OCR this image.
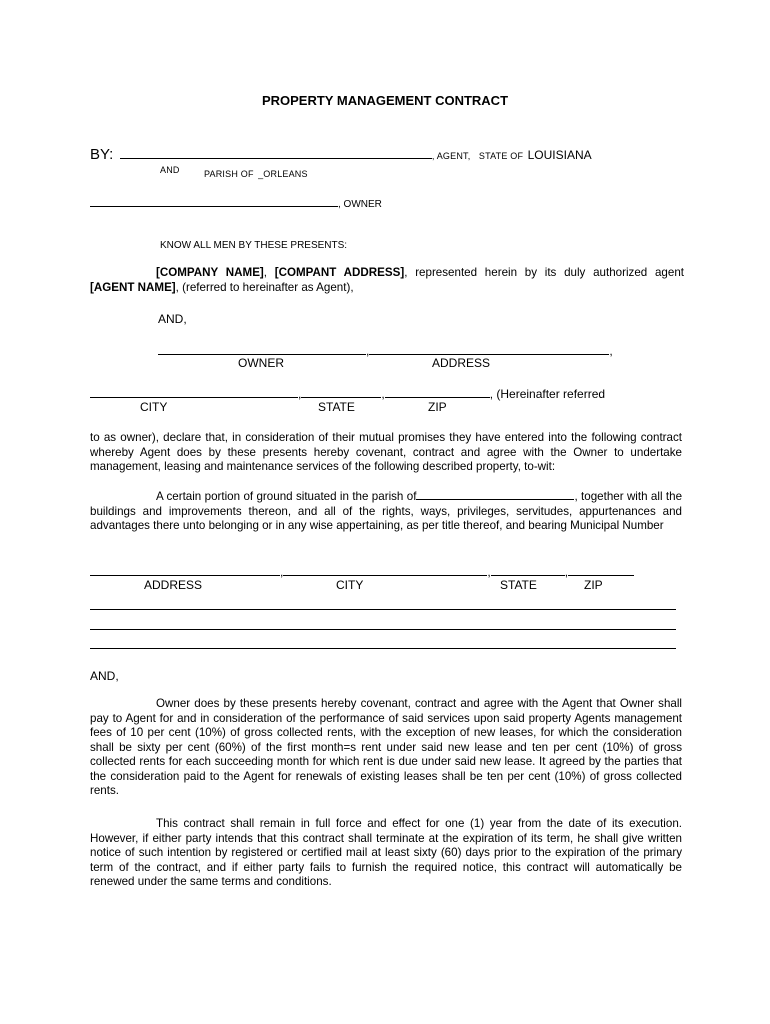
PROPERTY MANAGEMENT CONTRACT
BY:	, AGENT, STATE OF LOUISIANA
AND	PARISH OF _ORLEANS
, OWNER
KNOW ALL MEN BY THESE PRESENTS:
[COMPANY NAME], [COMPANT ADDRESS], represented herein by its duly authorized agent [AGENT NAME], (referred to hereinafter as Agent),
AND,
,	,
OWNER	ADDRESS
,	,	, (Hereinafter referred
CITY	STATE	ZIP
to as owner), declare that, in consideration of their mutual promises they have entered into the following contract whereby Agent does by these presents hereby covenant, contract and agree with the Owner to undertake management, leasing and maintenance services of the following described property, to-wit:
A certain portion of ground situated in the parish of	, together with all the buildings and improvements thereon, and all of the rights, ways, privileges, servitudes, appurtenances and advantages there unto belonging or in any wise appertaining, as per title thereof, and bearing Municipal Number
,	,	,
ADDRESS	CITY	STATE	ZIP
AND,
Owner does by these presents hereby covenant, contract and agree with the Agent that Owner shall pay to Agent for and in consideration of the performance of said services upon said property Agents management fees of 10 per cent (10%) of gross collected rents, with the exception of new leases, for which the consideration shall be sixty per cent (60%) of the first month=s rent under said new lease and ten per cent (10%) of gross collected rents for each succeeding month for which rent is due under said new lease. It agreed by the parties that the consideration paid to the Agent for renewals of existing leases shall be ten per cent (10%) of gross collected rents.
This contract shall remain in full force and effect for one (1) year from the date of its execution. However, if either party intends that this contract shall terminate at the expiration of its term, he shall give written notice of such intention by registered or certified mail at least sixty (60) days prior to the expiration of the primary term of the contract, and if either party fails to furnish the required notice, this contract will automatically be renewed under the same terms and conditions.
